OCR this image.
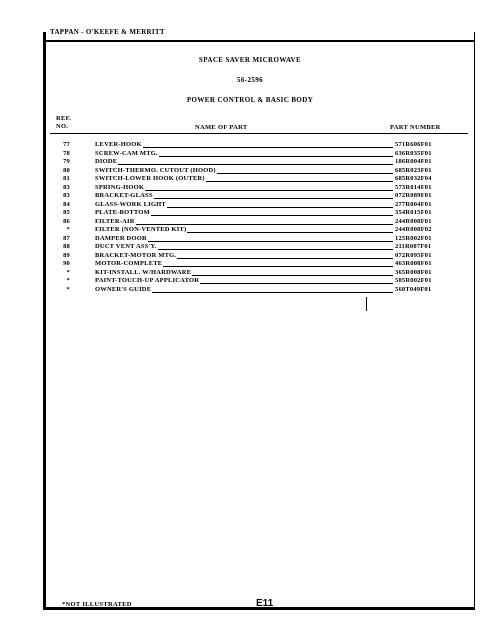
TAPPAN - O'KEEFE & MERRITT
SPACE SAVER MICROWAVE
56-2596
POWER CONTROL & BASIC BODY
REF.
NO.	NAME OF PART	PART NUMBER
77	LEVER-HOOK	571R606F01
78	SCREW-CAM MTG.	636R035F01
79	DIODE	186R004F01
80	SWITCH-THERMO. CUTOUT (HOOD)	685R023F01
81	SWITCH-LOWER HOOK (OUTER)	685R032F04
83	SPRING-HOOK	573R014F01
83	BRACKET-GLASS	072R089F01
84	GLASS-WORK LIGHT	277R004F01
85	PLATE-BOTTOM	354R015F01
86	FILTER-AIR	244R008F01
*	FILTER (NON-VENTED KIT)	244R008F02
87	DAMPER DOOR	125R002F01
88	DUCT VENT ASS'Y.	211R007F01
89	BRACKET-MOTOR MTG.	072R095F01
90	MOTOR-COMPLETE	463R008F01
*	KIT-INSTALL. W/HARDWARE	365R008F01
*	PAINT-TOUCH-UP APPLICATOR	505R002F01
*	OWNER'S GUIDE	560T049F01
*NOT ILLUSTRATED	E11
